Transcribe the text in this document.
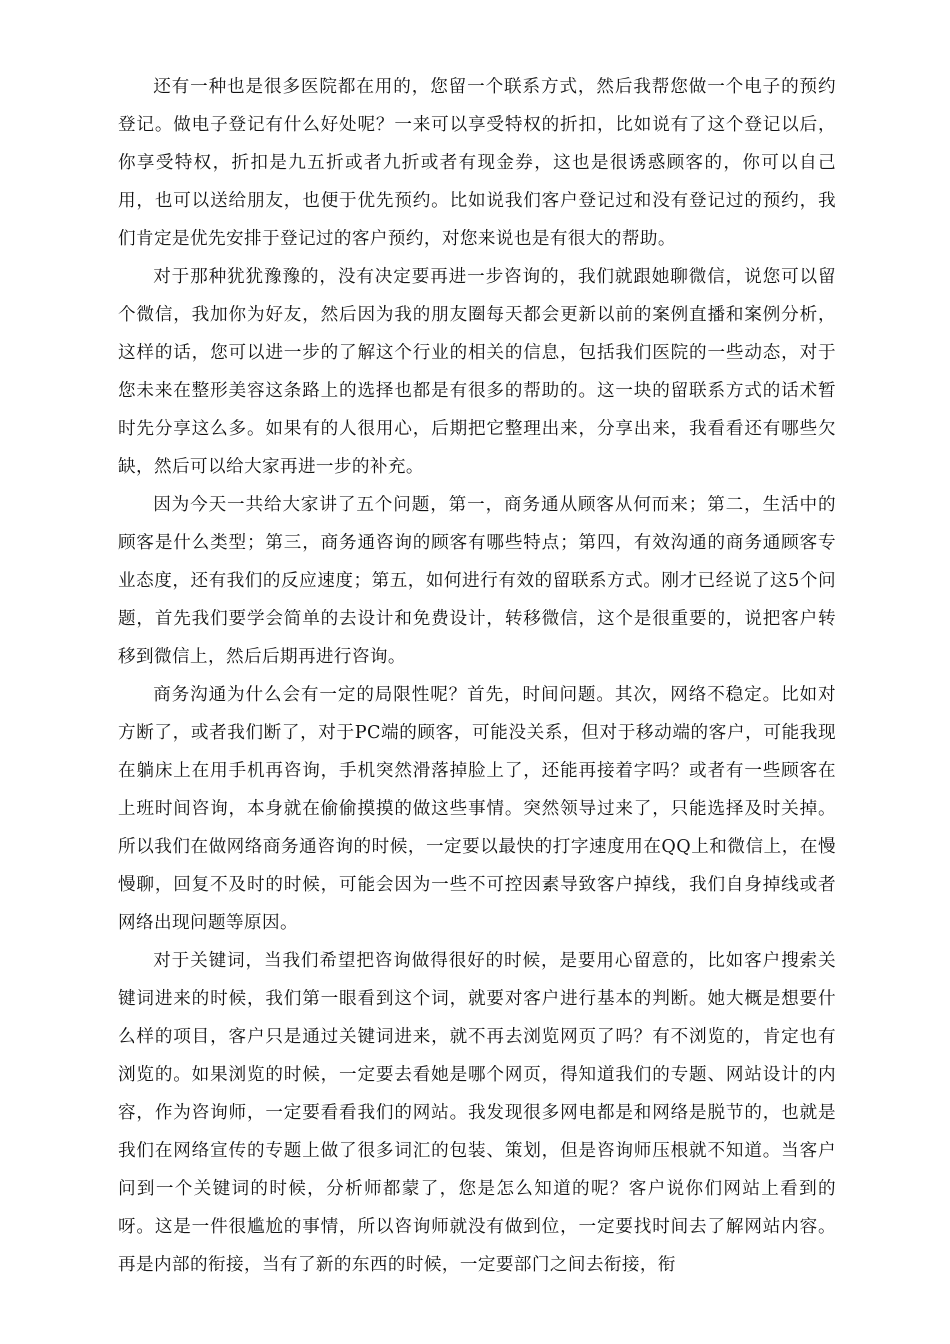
还有一种也是很多医院都在用的，您留一个联系方式，然后我帮您做一个电子的预约登记。做电子登记有什么好处呢？一来可以享受特权的折扣，比如说有了这个登记以后，你享受特权，折扣是九五折或者九折或者有现金券，这也是很诱惑顾客的，你可以自己用，也可以送给朋友，也便于优先预约。比如说我们客户登记过和没有登记过的预约，我们肯定是优先安排于登记过的客户预约，对您来说也是有很大的帮助。

对于那种犹犹豫豫的，没有决定要再进一步咨询的，我们就跟她聊微信，说您可以留个微信，我加你为好友，然后因为我的朋友圈每天都会更新以前的案例直播和案例分析，这样的话，您可以进一步的了解这个行业的相关的信息，包括我们医院的一些动态，对于您未来在整形美容这条路上的选择也都是有很多的帮助的。这一块的留联系方式的话术暂时先分享这么多。如果有的人很用心，后期把它整理出来，分享出来，我看看还有哪些欠缺，然后可以给大家再进一步的补充。

因为今天一共给大家讲了五个问题，第一，商务通从顾客从何而来；第二，生活中的顾客是什么类型；第三，商务通咨询的顾客有哪些特点；第四，有效沟通的商务通顾客专业态度，还有我们的反应速度；第五，如何进行有效的留联系方式。刚才已经说了这5个问题，首先我们要学会简单的去设计和免费设计，转移微信，这个是很重要的，说把客户转移到微信上，然后后期再进行咨询。

商务沟通为什么会有一定的局限性呢？首先，时间问题。其次，网络不稳定。比如对方断了，或者我们断了，对于PC端的顾客，可能没关系，但对于移动端的客户，可能我现在躺床上在用手机再咨询，手机突然滑落掉脸上了，还能再接着字吗？或者有一些顾客在上班时间咨询，本身就在偷偷摸摸的做这些事情。突然领导过来了，只能选择及时关掉。所以我们在做网络商务通咨询的时候，一定要以最快的打字速度用在QQ上和微信上，在慢慢聊，回复不及时的时候，可能会因为一些不可控因素导致客户掉线，我们自身掉线或者网络出现问题等原因。

对于关键词，当我们希望把咨询做得很好的时候，是要用心留意的，比如客户搜索关键词进来的时候，我们第一眼看到这个词，就要对客户进行基本的判断。她大概是想要什么样的项目，客户只是通过关键词进来，就不再去浏览网页了吗？有不浏览的，肯定也有浏览的。如果浏览的时候，一定要去看她是哪个网页，得知道我们的专题、网站设计的内容，作为咨询师，一定要看看我们的网站。我发现很多网电都是和网络是脱节的，也就是我们在网络宣传的专题上做了很多词汇的包装、策划，但是咨询师压根就不知道。当客户问到一个关键词的时候，分析师都蒙了，您是怎么知道的呢？客户说你们网站上看到的呀。这是一件很尴尬的事情，所以咨询师就没有做到位，一定要找时间去了解网站内容。再是内部的衔接，当有了新的东西的时候，一定要部门之间去衔接，衔
